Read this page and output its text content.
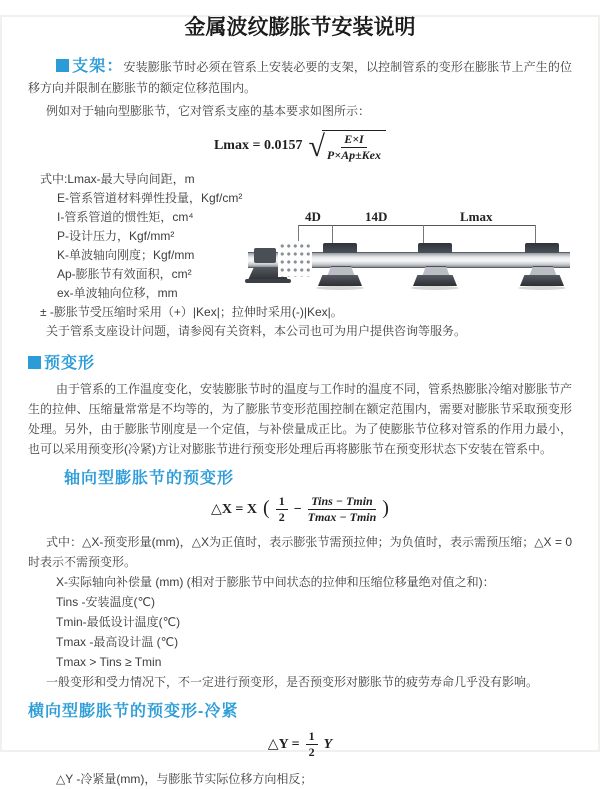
金属波纹膨胀节安装说明

支架：安装膨胀节时必须在管系上安装必要的支架，以控制管系的变形在膨胀节上产生的位移方向并限制在膨胀节的额定位移范围内。

例如对于轴向型膨胀节，它对管系支座的基本要求如图所示：

Lmax = 0.0157 √ $\frac{E\times I}{\text{P×Ap±Kex}}$
4D	14D	Lmax
式中:Lmax-最大导向间距，m
E-管系管道材料弹性投量，Kgf/cm²
I-管系管道的惯性矩，cm⁴
P-设计压力，Kgf/mm²
K-单波轴向刚度；Kgf/mm
Ap-膨胀节有效面积，cm²
ex-单波轴向位移，mm
± -膨胀节受压缩时采用（+）|Kex|；拉伸时采用(-)|Kex|。
关于管系支座设计问题，请参阅有关资料，本公司也可为用户提供咨询等服务。
预变形

由于管系的工作温度变化，安装膨胀节时的温度与工作时的温度不同，管系热膨胀冷缩对膨胀节产生的拉伸、压缩量常常是不均等的，为了膨胀节变形范围控制在额定范围内，需要对膨胀节采取预变形处理。另外，由于膨胀节刚度是一个定值，与补偿量成正比。为了使膨胀节位移对管系的作用力最小，也可以采用预变形(冷紧)方让对膨胀节进行预变形处理后再将膨胀节在预变形状态下安装在管系中。

轴向型膨胀节的预变形
△X = X ( $\frac{1}{2} - \frac{\text{Tins − Tmin}}{Tmax - Tmin}$ )

式中：△X-预变形量(mm)，△X为正值时，表示膨张节需预拉伸；为负值时，表示需预压缩；△X = 0时表示不需预变形。

X-实际轴向补偿量 (mm) (相对于膨胀节中间状态的拉伸和压缩位移量绝对值之和)：
Tins -安装温度(℃)
Tmin-最低设计温度(℃)
Tmax -最高设计温 (℃)
Tmax > Tins ≥ Tmin
一般变形和受力情况下，不一定进行预变形，是否预变形对膨胀节的疲劳寿命几乎没有影响。
横向型膨胀节的预变形-冷紧
△Y = $\frac{1}{2}$ Y
△Y -冷紧量(mm)，与膨胀节实际位移方向相反；
